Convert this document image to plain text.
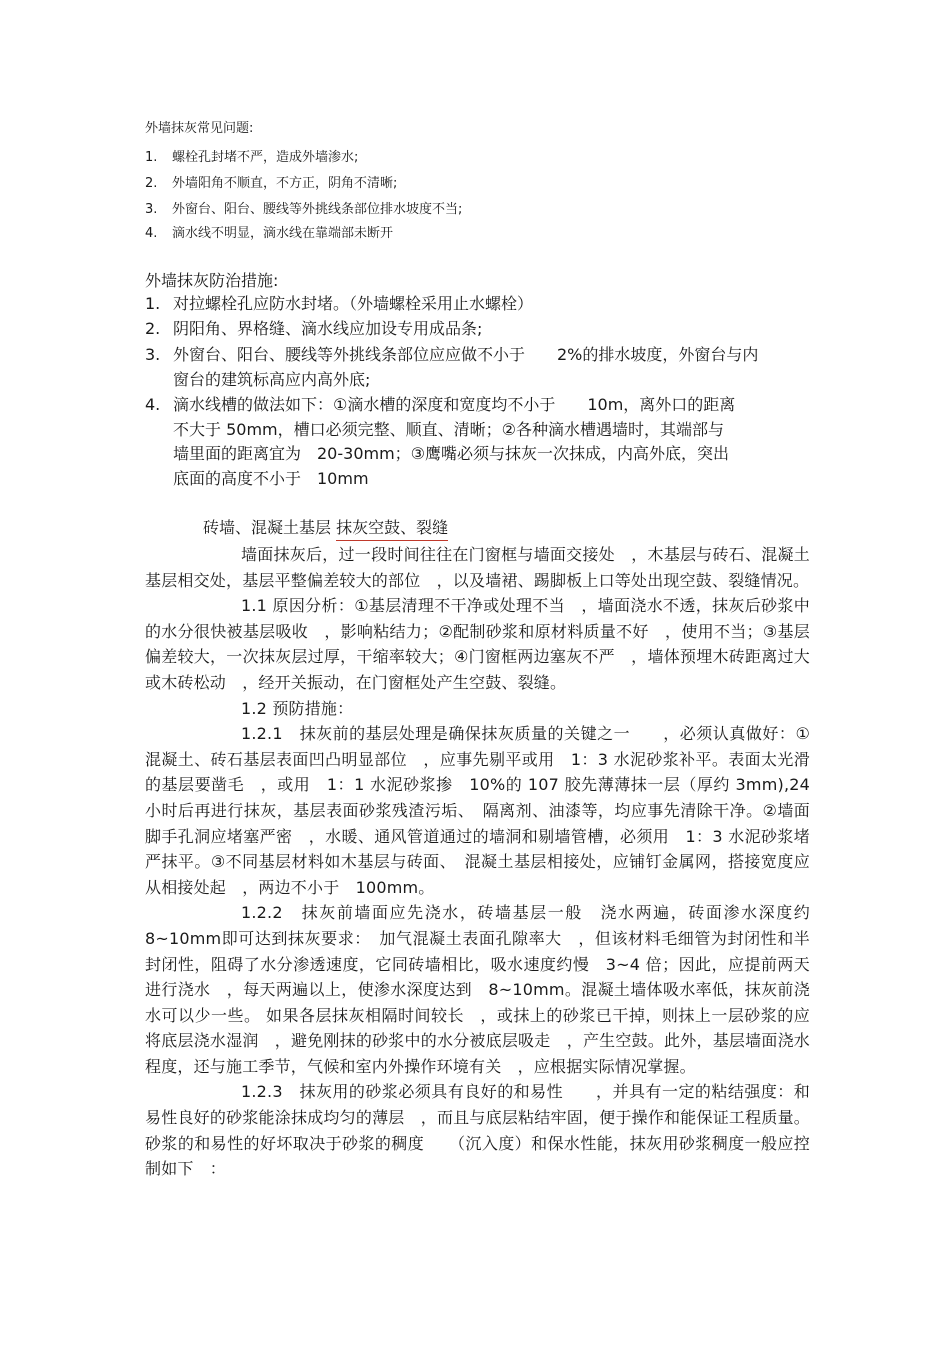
外墙抹灰常见问题:
1. 螺栓孔封堵不严，造成外墙渗水;
2. 外墙阳角不顺直，不方正，阴角不清晰;
3. 外窗台、阳台、腰线等外挑线条部位排水坡度不当;
4. 滴水线不明显，滴水线在靠端部未断开
外墙抹灰防治措施:
1. 对拉螺栓孔应防水封堵。（外墙螺栓采用止水螺栓）
2. 阴阳角、界格缝、滴水线应加设专用成品条;
3. 外窗台、阳台、腰线等外挑线条部位应应做不小于　　2%的排水坡度，外窗台与内
窗台的建筑标高应内高外底;
4. 滴水线槽的做法如下：①滴水槽的深度和宽度均不小于　　10m，离外口的距离
不大于 50mm，槽口必须完整、顺直、清晰；②各种滴水槽遇墙时，其端部与
墙里面的距离宜为　20-30mm；③鹰嘴必须与抹灰一次抹成，内高外底，突出
底面的高度不小于　10mm
砖墙、混凝土基层 抹灰空鼓、裂缝

墙面抹灰后，过一段时间往往在门窗框与墙面交接处　，木基层与砖石、混凝土基层相交处，基层平整偏差较大的部位　，以及墙裙、踢脚板上口等处出现空鼓、裂缝情况。

1.1 原因分析：①基层清理不干净或处理不当　，墙面浇水不透，抹灰后砂浆中的水分很快被基层吸收　，影响粘结力；②配制砂浆和原材料质量不好　，使用不当；③基层偏差较大，一次抹灰层过厚，干缩率较大；④门窗框两边塞灰不严　，墙体预埋木砖距离过大或木砖松动　，经开关振动，在门窗框处产生空鼓、裂缝。

1.2 预防措施：

1.2.1　抹灰前的基层处理是确保抹灰质量的关键之一　　，必须认真做好：①混凝土、砖石基层表面凹凸明显部位　，应事先剔平或用　1：3 水泥砂浆补平。表面太光滑的基层要凿毛　，或用　1：1 水泥砂浆掺　10%的 107 胶先薄薄抹一层（厚约 3mm),24 小时后再进行抹灰，基层表面砂浆残渣污垢、　隔离剂、油漆等，均应事先清除干净。②墙面脚手孔洞应堵塞严密　，水暖、通风管道通过的墙洞和剔墙管槽，必须用　1：3 水泥砂浆堵严抹平。③不同基层材料如木基层与砖面、　混凝土基层相接处，应铺钉金属网，搭接宽度应从相接处起　，两边不小于　100mm。

1.2.2　抹灰前墙面应先浇水，砖墙基层一般　浇水两遍，砖面渗水深度约　8~10mm即可达到抹灰要求：　加气混凝土表面孔隙率大　，但该材料毛细管为封闭性和半封闭性，阻碍了水分渗透速度，它同砖墙相比，吸水速度约慢　3~4 倍；因此，应提前两天进行浇水　，每天两遍以上，使渗水深度达到　8~10mm。混凝土墙体吸水率低，抹灰前浇水可以少一些。 如果各层抹灰相隔时间较长　，或抹上的砂浆已干掉，则抹上一层砂浆的应将底层浇水湿润　，避免刚抹的砂浆中的水分被底层吸走　，产生空鼓。此外，基层墙面浇水程度，还与施工季节，气候和室内外操作环境有关　，应根据实际情况掌握。

1.2.3　抹灰用的砂浆必须具有良好的和易性　　，并具有一定的粘结强度：和易性良好的砂浆能涂抹成均匀的薄层　，而且与底层粘结牢固，便于操作和能保证工程质量。砂浆的和易性的好坏取决于砂浆的稠度　　（沉入度）和保水性能，抹灰用砂浆稠度一般应控制如下　：
